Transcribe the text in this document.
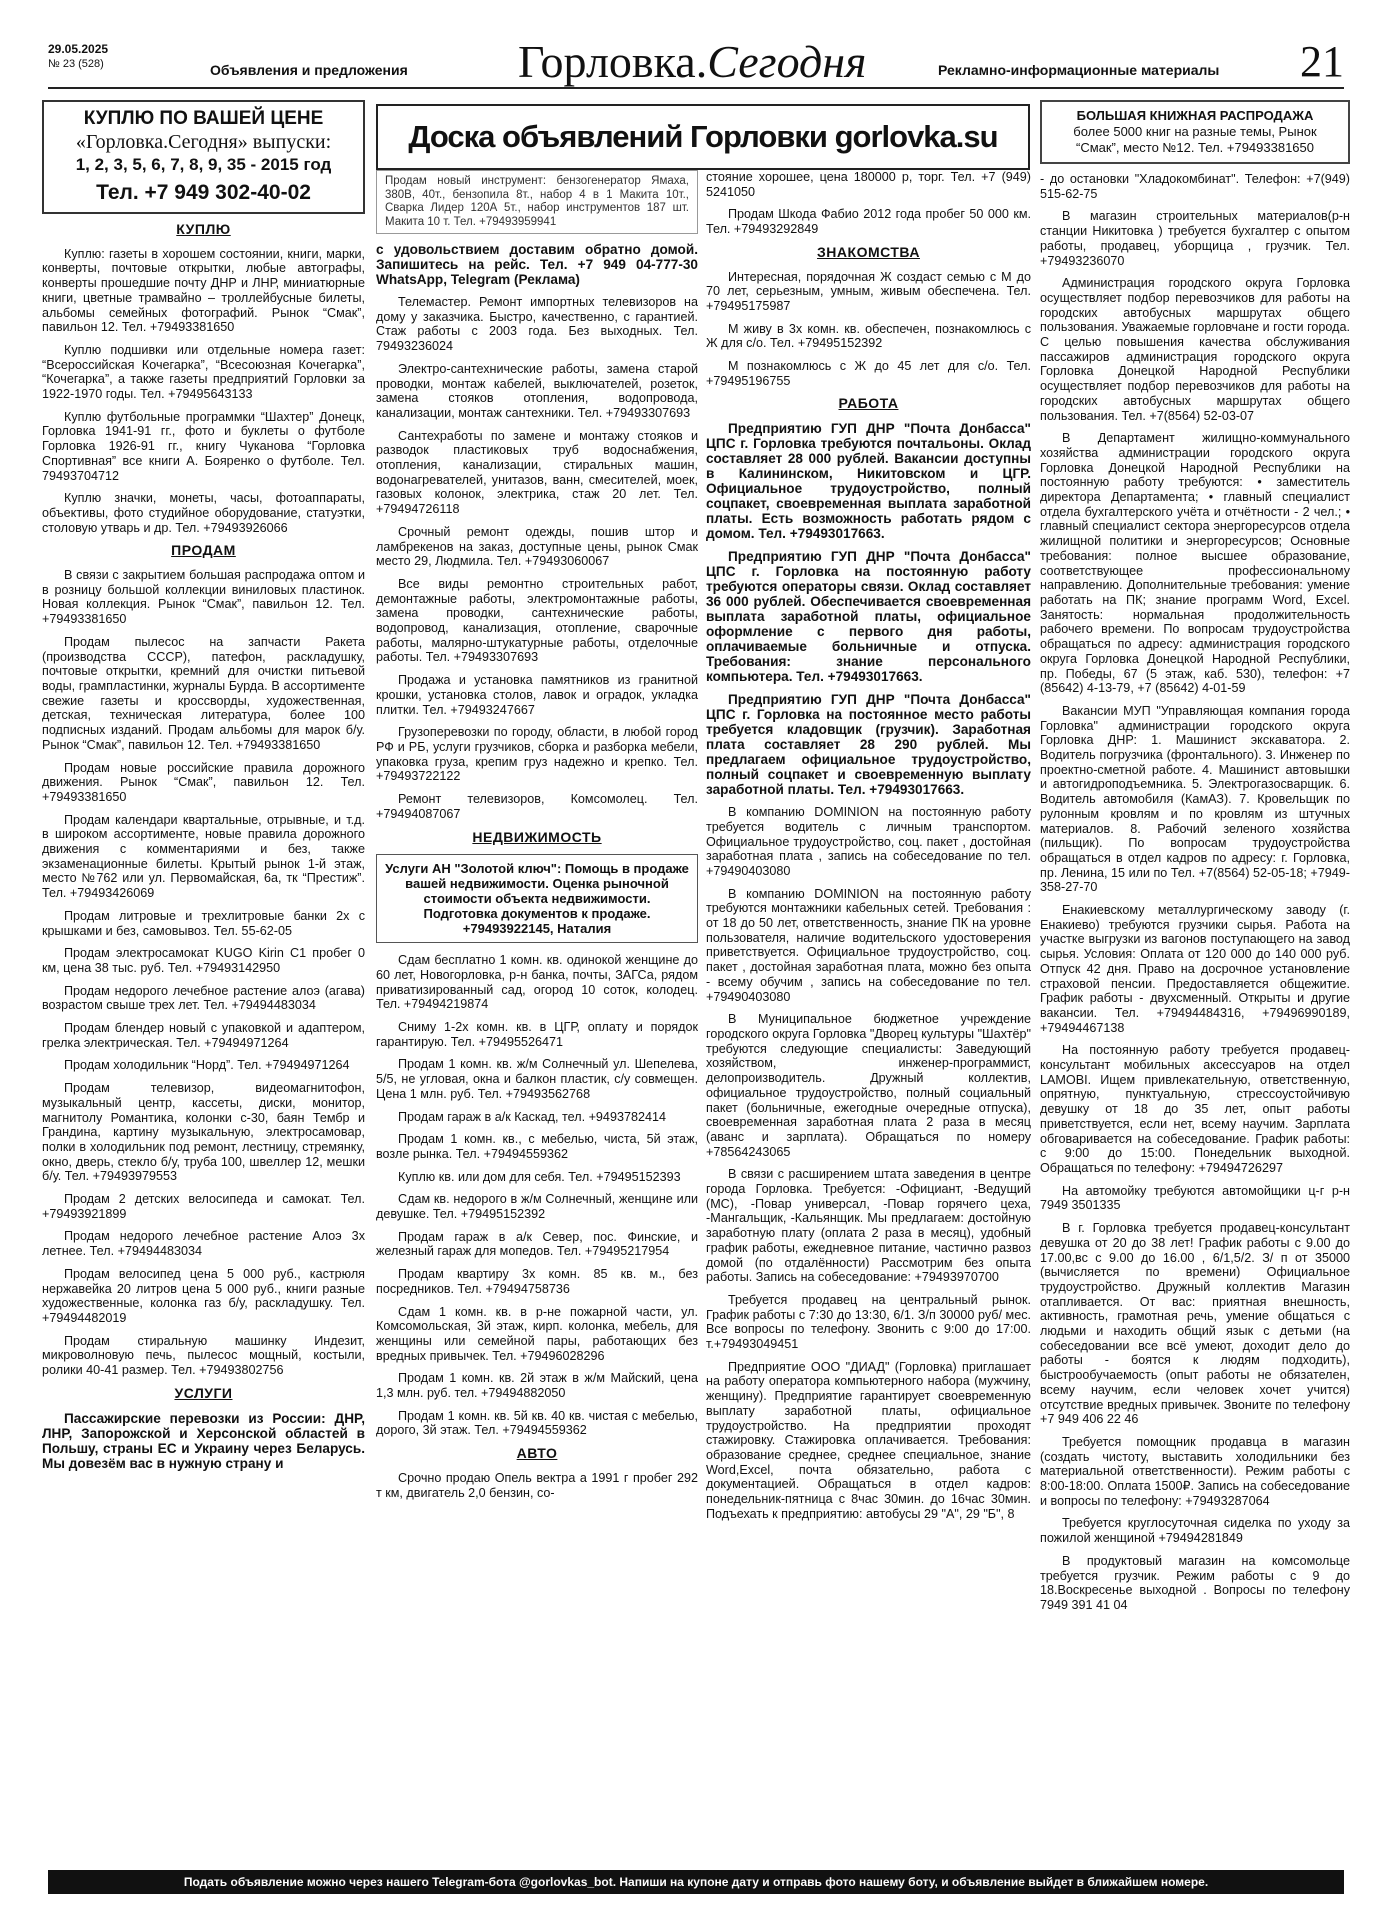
29.05.2025
№ 23 (528)	Объявления и предложения Горловка.Сегодня	Рекламно-информационные материалы 21
Доска объявлений Горловки gorlovka.su
КУПЛЮ ПО ВАШЕЙ ЦЕНЕ
«Горловка.Сегодня» выпуски:
1, 2, 3, 5, 6, 7, 8, 9, 35 - 2015 год
Тел. +7 949 302-40-02
КУПЛЮ

Куплю: газеты в хорошем состоянии, книги, марки, конверты, почтовые открытки, любые автографы, конверты прошедшие почту ДНР и ЛНР, миниатюрные книги, цветные трамвайно – троллейбусные билеты, альбомы семейных фотографий. Рынок “Смак”, павильон 12. Тел. +79493381650

Куплю подшивки или отдельные номера газет: “Всероссийская Кочегарка”, “Всесоюзная Кочегарка”, “Кочегарка”, а также газеты предприятий Горловки за 1922-1970 годы. Тел. +79495643133

Куплю футбольные программки “Шахтер” Донецк, Горловка 1941-91 гг., фото и буклеты о футболе Горловка 1926-91 гг., книгу Чуканова “Горловка Спортивная” все книги А. Бояренко о футболе. Тел. 79493704712

Куплю значки, монеты, часы, фотоаппараты, объективы, фото студийное оборудование, статуэтки, столовую утварь и др. Тел. +79493926066

ПРОДАМ

В связи с закрытием большая распродажа оптом и в розницу большой коллекции виниловых пластинок. Новая коллекция. Рынок “Смак”, павильон 12. Тел. +79493381650

Продам пылесос на запчасти Ракета (производства СССР), патефон, раскладушку, почтовые открытки, кремний для очистки питьевой воды, грампластинки, журналы Бурда. В ассортименте свежие газеты и кроссворды, художественная, детская, техническая литература, более 100 подписных изданий. Продам альбомы для марок б/у. Рынок “Смак”, павильон 12. Тел. +79493381650

Продам новые российские правила дорожного движения. Рынок “Смак”, павильон 12. Тел. +79493381650

Продам календари квартальные, отрывные, и т.д. в широком ассортименте, новые правила дорожного движения с комментариями и без, также экзаменационные билеты. Крытый рынок 1-й этаж, место №762 или ул. Первомайская, 6а, тк “Престиж”. Тел. +79493426069

Продам литровые и трехлитровые банки 2х с крышками и без, самовывоз. Тел. 55-62-05

Продам электросамокат KUGO Kirin C1 пробег 0 км, цена 38 тыс. руб. Тел. +79493142950

Продам недорого лечебное растение алоэ (агава) возрастом свыше трех лет. Тел. +79494483034

Продам блендер новый с упаковкой и адаптером, грелка электрическая. Тел. +79494971264

Продам холодильник “Норд”. Тел. +79494971264

Продам телевизор, видеомагнитофон, музыкальный центр, кассеты, диски, монитор, магнитолу Романтика, колонки с-30, баян Тембр и Грандина, картину музыкальную, электросамовар, полки в холодильник под ремонт, лестницу, стремянку, окно, дверь, стекло б/у, труба 100, швеллер 12, мешки б/у. Тел. +79493979553

Продам 2 детских велосипеда и самокат. Тел. +79493921899

Продам недорого лечебное растение Алоэ 3х летнее. Тел. +79494483034

Продам велосипед цена 5 000 руб., кастрюля нержавейка 20 литров цена 5 000 руб., книги разные художественные, колонка газ б/у, раскладушку. Тел. +79494482019

Продам стиральную машинку Индезит, микроволновую печь, пылесос мощный, костыли, ролики 40-41 размер. Тел. +79493802756

УСЛУГИ

Пассажирские перевозки из России: ДНР, ЛНР, Запорожской и Херсонской областей в Польшу, страны ЕС и Украину через Беларусь. Мы довезём вас в нужную страну и

Продам новый инструмент: бензогенератор Ямаха, 380В, 40т., бензопила 8т., набор 4 в 1 Макита 10т., Сварка Лидер 120А 5т., набор инструментов 187 шт. Макита 10 т. Тел. +79493959941

с удовольствием доставим обратно домой. Запишитесь на рейс. Тел. +7 949 04-777-30 WhatsApp, Telegram (Реклама)

Телемастер. Ремонт импортных телевизоров на дому у заказчика. Быстро, качественно, с гарантией. Стаж работы с 2003 года. Без выходных. Тел. 79493236024

Электро-сантехнические работы, замена старой проводки, монтаж кабелей, выключателей, розеток, замена стояков отопления, водопровода, канализации, монтаж сантехники. Тел. +79493307693

Сантехработы по замене и монтажу стояков и разводок пластиковых труб водоснабжения, отопления, канализации, стиральных машин, водонагревателей, унитазов, ванн, смесителей, моек, газовых колонок, электрика, стаж 20 лет. Тел. +79494726118

Срочный ремонт одежды, пошив штор и ламбрекенов на заказ, доступные цены, рынок Смак место 29, Людмила. Тел. +79493060067

Все виды ремонтно строительных работ, демонтажные работы, электромонтажные работы, замена проводки, сантехнические работы, водопровод, канализация, отопление, сварочные работы, малярно-штукатурные работы, отделочные работы. Тел. +79493307693

Продажа и установка памятников из гранитной крошки, установка столов, лавок и оградок, укладка плитки. Тел. +79493247667

Грузоперевозки по городу, области, в любой город РФ и РБ, услуги грузчиков, сборка и разборка мебели, упаковка груза, крепим груз надежно и крепко. Тел. +79493722122

Ремонт телевизоров, Комсомолец. Тел. +79494087067

НЕДВИЖИМОСТЬ
Услуги АН "Золотой ключ": Помощь в продаже вашей недвижимости. Оценка рыночной стоимости объекта недвижимости. Подготовка документов к продаже. +79493922145, Наталия

Сдам бесплатно 1 комн. кв. одинокой женщине до 60 лет, Новогорловка, р-н банка, почты, ЗАГСа, рядом приватизированный сад, огород 10 соток, колодец. Тел. +79494219874

Сниму 1-2х комн. кв. в ЦГР, оплату и порядок гарантирую. Тел. +79495526471

Продам 1 комн. кв. ж/м Солнечный ул. Шепелева, 5/5, не угловая, окна и балкон пластик, с/у совмещен. Цена 1 млн. руб. Тел. +79493562768

Продам гараж в а/к Каскад, тел. +9493782414

Продам 1 комн. кв., с мебелью, чиста, 5й этаж, возле рынка. Тел. +79494559362

Куплю кв. или дом для себя. Тел. +79495152393

Сдам кв. недорого в ж/м Солнечный, женщине или девушке. Тел. +79495152392

Продам гараж в а/к Север, пос. Финские, и железный гараж для мопедов. Тел. +79495217954

Продам квартиру 3х комн. 85 кв. м., без посредников. Тел. +79494758736

Сдам 1 комн. кв. в р-не пожарной части, ул. Комсомольская, 3й этаж, кирп. колонка, мебель, для женщины или семейной пары, работающих без вредных привычек. Тел. +79496028296

Продам 1 комн. кв. 2й этаж в ж/м Майский, цена 1,3 млн. руб. тел. +79494882050

Продам 1 комн. кв. 5й кв. 40 кв. чистая с мебелью, дорого, 3й этаж. Тел. +79494559362

АВТО

Срочно продаю Опель вектра а 1991 г пробег 292 т км, двигатель 2,0 бензин, со-

стояние хорошее, цена 180000 р, торг. Тел. +7 (949) 5241050

Продам Шкода Фабио 2012 года пробег 50 000 км. Тел. +79493292849

ЗНАКОМСТВА

Интересная, порядочная Ж создаст семью с М до 70 лет, серьезным, умным, живым обеспечена. Тел. +79495175987

М живу в 3х комн. кв. обеспечен, познакомлюсь с Ж для с/о. Тел. +79495152392

М познакомлюсь с Ж до 45 лет для с/о. Тел. +79495196755

РАБОТА

Предприятию ГУП ДНР "Почта Донбасса" ЦПС г. Горловка требуются почтальоны. Оклад составляет 28 000 рублей. Вакансии доступны в Калининском, Никитовском и ЦГР. Официальное трудоустройство, полный соцпакет, своевременная выплата заработной платы. Есть возможность работать рядом с домом. Тел. +79493017663.

Предприятию ГУП ДНР "Почта Донбасса" ЦПС г. Горловка на постоянную работу требуются операторы связи. Оклад составляет 36 000 рублей. Обеспечивается своевременная выплата заработной платы, официальное оформление с первого дня работы, оплачиваемые больничные и отпуска. Требования: знание персонального компьютера. Тел. +79493017663.

Предприятию ГУП ДНР "Почта Донбасса" ЦПС г. Горловка на постоянное место работы требуется кладовщик (грузчик). Заработная плата составляет 28 290 рублей. Мы предлагаем официальное трудоустройство, полный соцпакет и своевременную выплату заработной платы. Тел. +79493017663.

В компанию DOMINION на постоянную работу требуется водитель с личным транспортом. Официальное трудоустройство, соц. пакет , достойная заработная плата , запись на собеседование по тел. +79490403080

В компанию DOMINION на постоянную работу требуются монтажники кабельных сетей. Требования : от 18 до 50 лет, ответственность, знание ПК на уровне пользователя, наличие водительского удостоверения приветствуется. Официальное трудоустройство, соц. пакет , достойная заработная плата, можно без опыта - всему обучим , запись на собеседование по тел. +79490403080

В Муниципальное бюджетное учреждение городского округа Горловка "Дворец культуры "Шахтёр" требуются следующие специалисты: Заведующий хозяйством, инженер-программист, делопроизводитель. Дружный коллектив, официальное трудоустройство, полный социальный пакет (больничные, ежегодные очередные отпуска), своевременная заработная плата 2 раза в месяц (аванс и зарплата). Обращаться по номеру +78564243065

В связи с расширением штата заведения в центре города Горловка. Требуется: -Официант, -Ведущий (МС), -Повар универсал, -Повар горячего цеха, -Мангальщик, -Кальянщик. Мы предлагаем: достойную заработную плату (оплата 2 раза в месяц), удобный график работы, ежедневное питание, частично развоз домой (по отдалённости) Рассмотрим без опыта работы. Запись на собеседование: +79493970700

Требуется продавец на центральный рынок. График работы с 7:30 до 13:30, 6/1. З/п 30000 руб/ мес. Все вопросы по телефону. Звонить с 9:00 до 17:00. т.+79493049451

Предприятие ООО "ДИАД" (Горловка) приглашает на работу оператора компьютерного набора (мужчину, женщину). Предприятие гарантирует своевременную выплату заработной платы, официальное трудоустройство. На предприятии проходят стажировку. Стажировка оплачивается. Требования: образование среднее, среднее специальное, знание Word,Excel, почта обязательно, работа с документацией. Обращаться в отдел кадров: понедельник-пятница с 8час 30мин. до 16час 30мин. Подъехать к предприятию: автобусы 29 "А", 29 "Б", 8

БОЛЬШАЯ КНИЖНАЯ РАСПРОДАЖА
более 5000 книг на разные темы, Рынок “Смак”, место №12. Тел. +79493381650

- до остановки "Хладокомбинат". Телефон: +7(949) 515-62-75

В магазин строительных материалов(р-н станции Никитовка ) требуется бухгалтер с опытом работы, продавец, уборщица , грузчик. Тел. +79493236070

Администрация городского округа Горловка осуществляет подбор перевозчиков для работы на городских автобусных маршрутах общего пользования. Уважаемые горловчане и гости города. С целью повышения качества обслуживания пассажиров администрация городского округа Горловка Донецкой Народной Республики осуществляет подбор перевозчиков для работы на городских автобусных маршрутах общего пользования. Тел. +7(8564) 52-03-07

В Департамент жилищно-коммунального хозяйства администрации городского округа Горловка Донецкой Народной Республики на постоянную работу требуются: • заместитель директора Департамента; • главный специалист отдела бухгалтерского учёта и отчётности - 2 чел.; • главный специалист сектора энергоресурсов отдела жилищной политики и энергоресурсов; Основные требования: полное высшее образование, соответствующее профессиональному направлению. Дополнительные требования: умение работать на ПК; знание программ Word, Excel. Занятость: нормальная продолжительность рабочего времени. По вопросам трудоустройства обращаться по адресу: администрация городского округа Горловка Донецкой Народной Республики, пр. Победы, 67 (5 этаж, каб. 530), телефон: +7 (85642) 4-13-79, +7 (85642) 4-01-59

Вакансии МУП "Управляющая компания города Горловка" администрации городского округа Горловка ДНР: 1. Машинист экскаватора. 2. Водитель погрузчика (фронтального). 3. Инженер по проектно-сметной работе. 4. Машинист автовышки и автогидроподъемника. 5. Электрогазосварщик. 6. Водитель автомобиля (КамАЗ). 7. Кровельщик по рулонным кровлям и по кровлям из штучных материалов. 8. Рабочий зеленого хозяйства (пильщик). По вопросам трудоустройства обращаться в отдел кадров по адресу: г. Горловка, пр. Ленина, 15 или по Тел. +7(8564) 52-05-18; +7949-358-27-70

Енакиевскому металлургическому заводу (г. Енакиево) требуются грузчики сырья. Работа на участке выгрузки из вагонов поступающего на завод сырья. Условия: Оплата от 120 000 до 140 000 руб. Отпуск 42 дня. Право на досрочное установление страховой пенсии. Предоставляется общежитие. График работы - двухсменный. Открыты и другие вакансии. Тел. +79494484316, +79496990189, +79494467138

На постоянную работу требуется продавец-консультант мобильных аксессуаров на отдел LAMOBI. Ищем привлекательную, ответственную, опрятную, пунктуальную, стрессоустойчивую девушку от 18 до 35 лет, опыт работы приветствуется, если нет, всему научим. Зарплата обговаривается на собеседование. График работы: с 9:00 до 15:00. Понедельник выходной. Обращаться по телефону: +79494726297

На автомойку требуются автомойщики ц-г р-н 7949 3501335

В г. Горловка требуется продавец-консультант девушка от 20 до 38 лет! График работы с 9.00 до 17.00,вс с 9.00 до 16.00 , 6/1,5/2. З/ п от 35000 (вычисляется по времени) Официальное трудоустройство. Дружный коллектив Магазин отапливается. От вас: приятная внешность, активность, грамотная речь, умение общаться с людьми и находить общий язык с детьми (на собеседовании все всё умеют, доходит дело до работы - боятся к людям подходить), быстрообучаемость (опыт работы не обязателен, всему научим, если человек хочет учится) отсутствие вредных привычек. Звоните по телефону +7 949 406 22 46

Требуется помощник продавца в магазин (создать чистоту, выставить холодильники без материальной ответственности). Режим работы с 8:00-18:00. Оплата 1500₽. Запись на собеседование и вопросы по телефону: +79493287064

Требуется круглосуточная сиделка по уходу за пожилой женщиной +79494281849

В продуктовый магазин на комсомольце требуется грузчик. Режим работы с 9 до 18.Воскресенье выходной . Вопросы по телефону 7949 391 41 04

Подать объявление можно через нашего Telegram-бота @gorlovkas_bot. Напиши на купоне дату и отправь фото нашему боту, и объявление выйдет в ближайшем номере.
